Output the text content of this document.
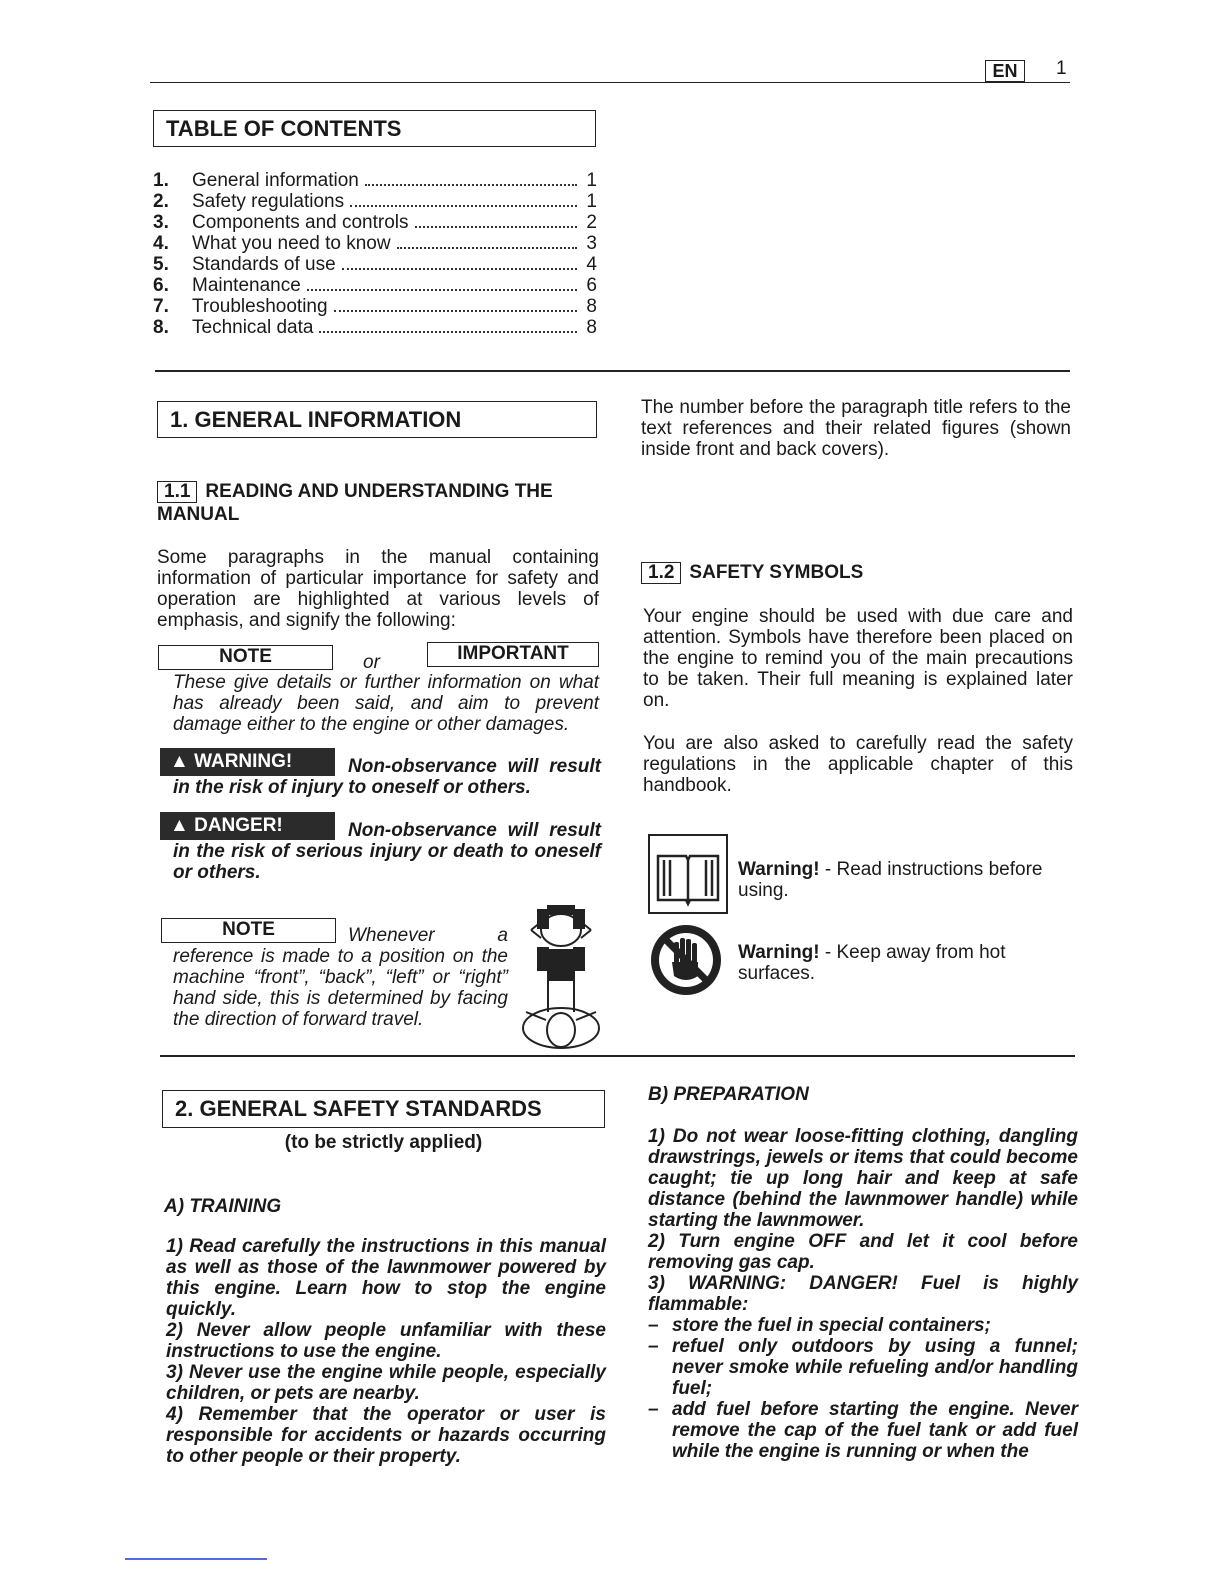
EN	1
TABLE OF CONTENTS
1.	General information	1
2.	Safety regulations	1
3.	Components and controls	2
4.	What you need to know	3
5.	Standards of use	4
6.	Maintenance	6
7.	Troubleshooting	8
8.	Technical data	8
1. GENERAL INFORMATION
1.1 READING AND UNDERSTANDING THE MANUAL
Some paragraphs in the manual containing information of particular importance for safety and operation are highlighted at various levels of emphasis, and signify the following:
NOTE	or	IMPORTANT
These give details or further information on what has already been said, and aim to prevent damage either to the engine or other damages.
▲ WARNING!	Non-observance will result in the risk of injury to oneself or others.
▲ DANGER!	Non-observance will result in the risk of serious injury or death to oneself or others.
NOTE	Whenever a reference is made to a position on the machine “front”, “back”, “left” or “right” hand side, this is determined by facing the direction of forward travel.
The number before the paragraph title refers to the text references and their related figures (shown inside front and back covers).
1.2 SAFETY SYMBOLS
Your engine should be used with due care and attention. Symbols have therefore been placed on the engine to remind you of the main precautions to be taken. Their full meaning is explained later on.
You are also asked to carefully read the safety regulations in the applicable chapter of this handbook.
Warning! - Read instructions before using.
Warning! - Keep away from hot surfaces.
2. GENERAL SAFETY STANDARDS
(to be strictly applied)
A) TRAINING
1) Read carefully the instructions in this manual as well as those of the lawnmower powered by this engine. Learn how to stop the engine quickly.
2) Never allow people unfamiliar with these instructions to use the engine.
3) Never use the engine while people, especially children, or pets are nearby.
4) Remember that the operator or user is responsible for accidents or hazards occurring to other people or their property.
B) PREPARATION
1) Do not wear loose-fitting clothing, dangling drawstrings, jewels or items that could become caught; tie up long hair and keep at safe distance (behind the lawnmower handle) while starting the lawnmower.
2) Turn engine OFF and let it cool before removing gas cap.
3) WARNING: DANGER! Fuel is highly flammable:
– store the fuel in special containers;
– refuel only outdoors by using a funnel; never smoke while refueling and/or handling fuel;
– add fuel before starting the engine. Never remove the cap of the fuel tank or add fuel while the engine is running or when the
